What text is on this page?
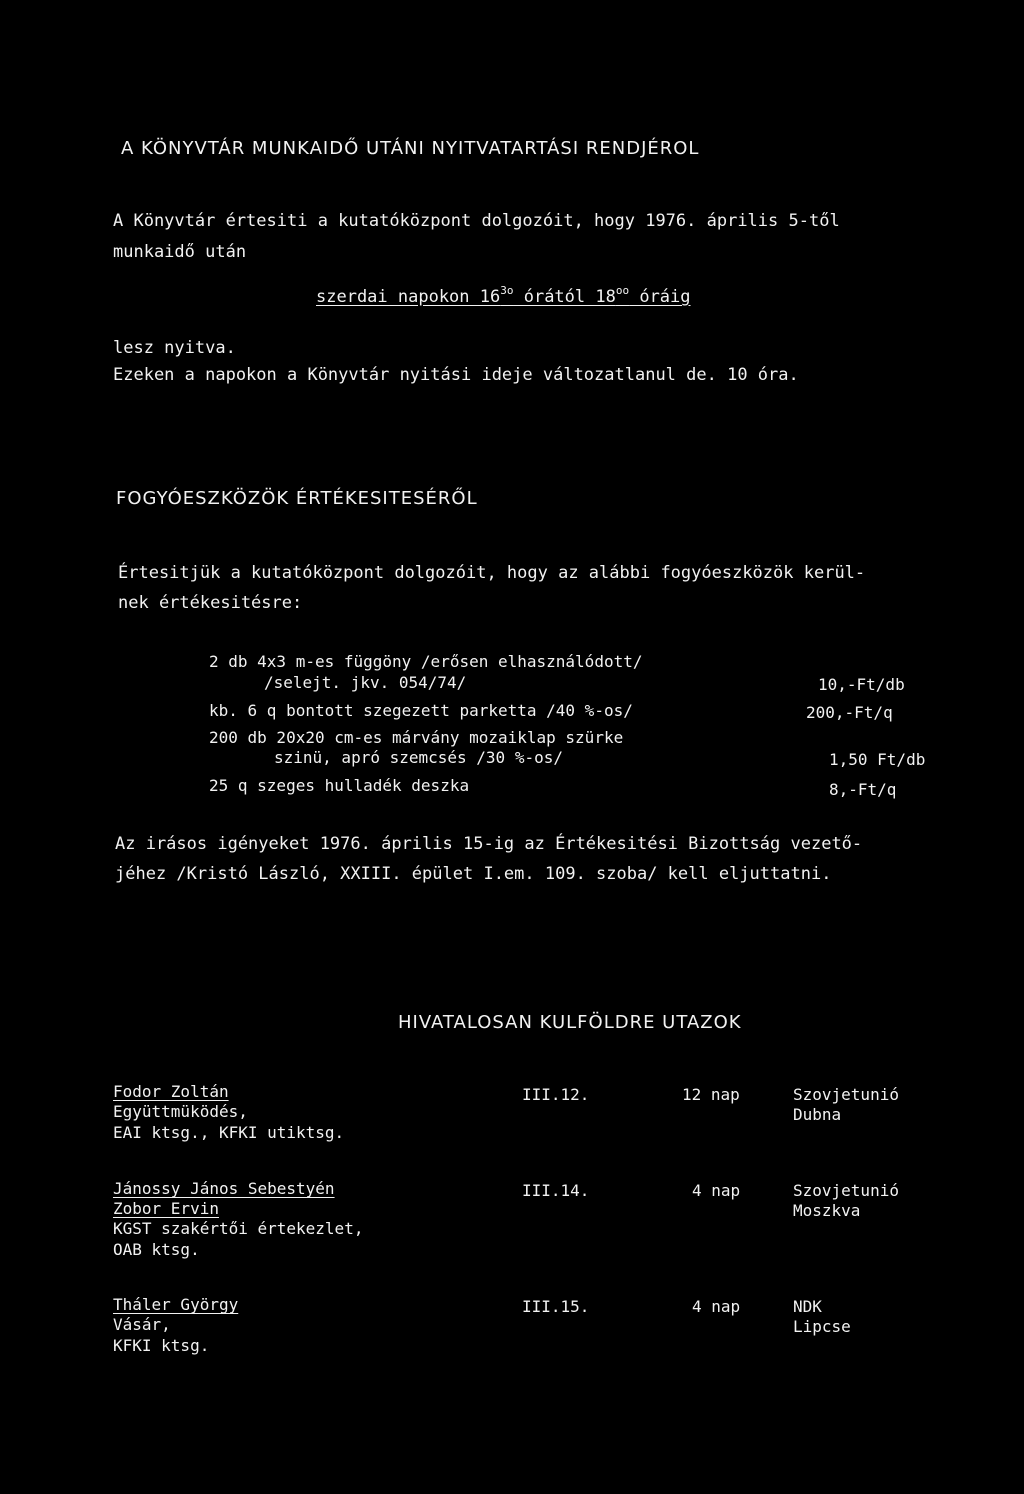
A KÖNYVTÁR MUNKAIDŐ UTÁNI NYITVATARTÁSI RENDJÉROL
A Könyvtár értesiti a kutatóközpont dolgozóit, hogy 1976. április 5-től
munkaidő után
szerdai napokon $16^{3o}$ órától $18^{oo}$ óráig
lesz nyitva.
Ezeken a napokon a Könyvtár nyitási ideje változatlanul de. 10 óra.
FOGYÓESZKÖZÖK ÉRTÉKESITESÉRŐL
Értesitjük a kutatóközpont dolgozóit, hogy az alábbi fogyóeszközök kerül-
nek értékesitésre:
2 db 4x3 m-es függöny /erősen elhasználódott/
/selejt. jkv. 054/74/	10,-Ft/db
kb. 6 q bontott szegezett parketta /40 %-os/	200,-Ft/q
200 db 20x20 cm-es márvány mozaiklap szürke
szinü, apró szemcsés /30 %-os/	1,50 Ft/db
25 q szeges hulladék deszka	8,-Ft/q
Az irásos igényeket 1976. április 15-ig az Értékesitési Bizottság vezető-
jéhez /Kristó László, XXIII. épület I.em. 109. szoba/ kell eljuttatni.
HIVATALOSAN KULFÖLDRE UTAZOK
Fodor Zoltán
Együttmüködés,
EAI ktsg., KFKI utiktsg.
III.12.	12 nap	Szovjetunió
Dubna
Jánossy János Sebestyén
Zobor Ervin
KGST szakértői értekezlet,
OAB ktsg.
III.14.	4 nap	Szovjetunió
Moszkva
Tháler György
Vásár,
KFKI ktsg.
III.15.	4 nap	NDK
Lipcse
